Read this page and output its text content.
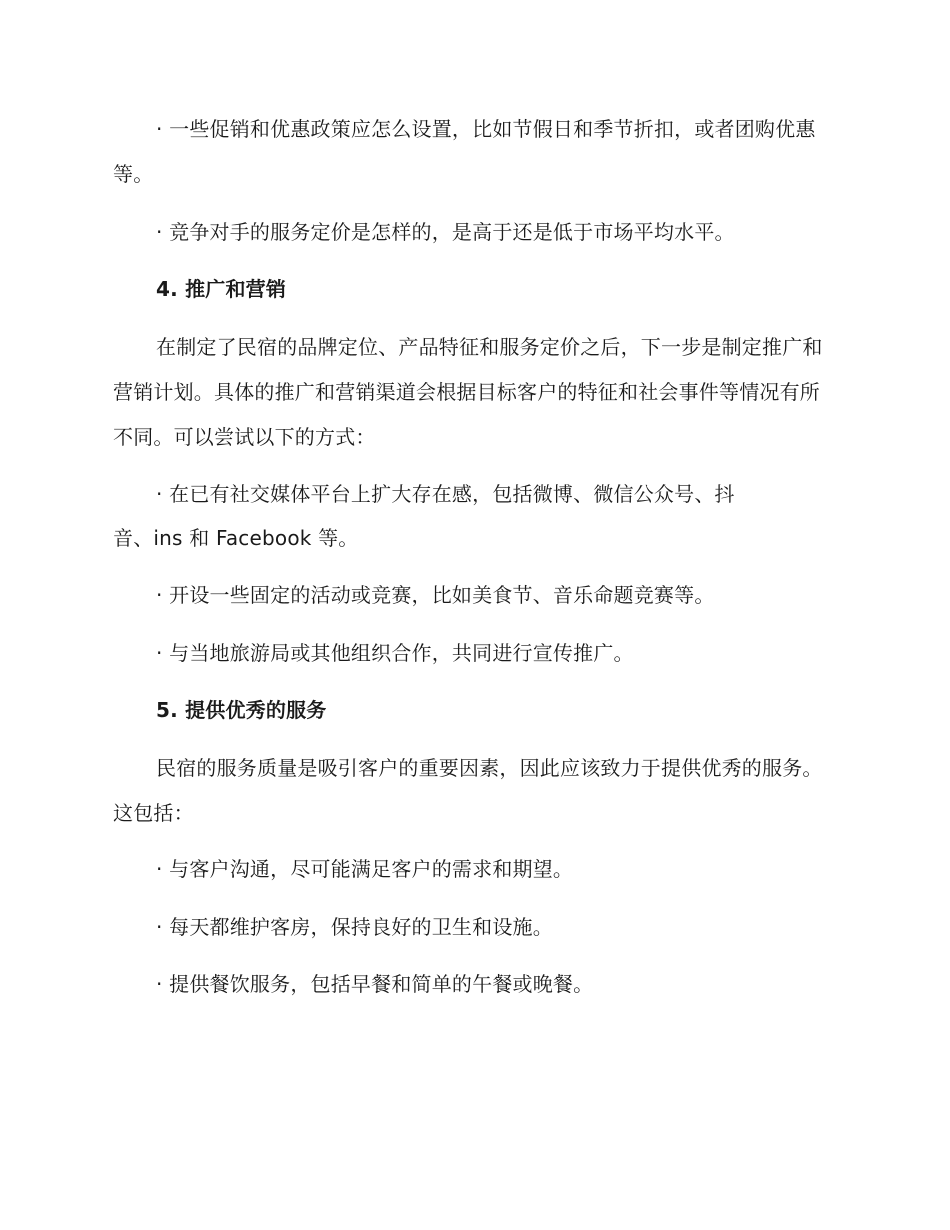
· 一些促销和优惠政策应怎么设置，比如节假日和季节折扣，或者团购优惠等。

· 竞争对手的服务定价是怎样的，是高于还是低于市场平均水平。

4. 推广和营销

在制定了民宿的品牌定位、产品特征和服务定价之后，下一步是制定推广和营销计划。具体的推广和营销渠道会根据目标客户的特征和社会事件等情况有所不同。可以尝试以下的方式：

· 在已有社交媒体平台上扩大存在感，包括微博、微信公众号、抖

音、ins 和 Facebook 等。

· 开设一些固定的活动或竞赛，比如美食节、音乐命题竞赛等。

· 与当地旅游局或其他组织合作，共同进行宣传推广。

5. 提供优秀的服务

民宿的服务质量是吸引客户的重要因素，因此应该致力于提供优秀的服务。这包括：

· 与客户沟通，尽可能满足客户的需求和期望。

· 每天都维护客房，保持良好的卫生和设施。

· 提供餐饮服务，包括早餐和简单的午餐或晚餐。
